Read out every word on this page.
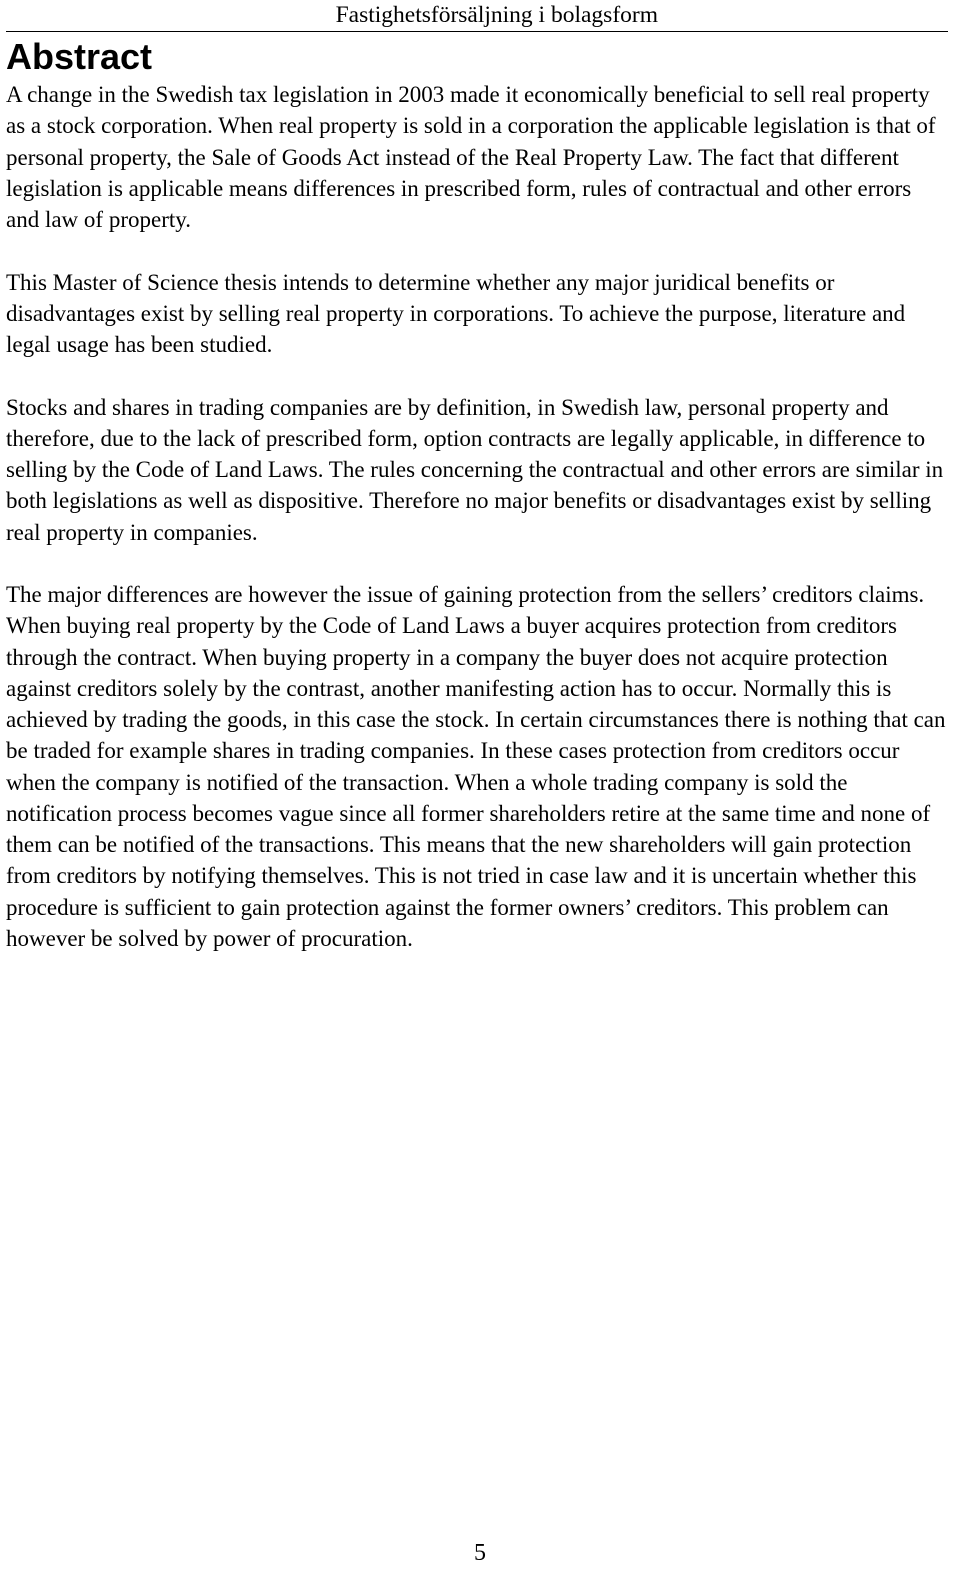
Fastighetsförsäljning i bolagsform
Abstract

A change in the Swedish tax legislation in 2003 made it economically beneficial to sell real property as a stock corporation. When real property is sold in a corporation the applicable legislation is that of personal property, the Sale of Goods Act instead of the Real Property Law. The fact that different legislation is applicable means differences in prescribed form, rules of contractual and other errors and law of property.

This Master of Science thesis intends to determine whether any major juridical benefits or disadvantages exist by selling real property in corporations. To achieve the purpose, literature and legal usage has been studied.

Stocks and shares in trading companies are by definition, in Swedish law, personal property and therefore, due to the lack of prescribed form, option contracts are legally applicable, in difference to selling by the Code of Land Laws. The rules concerning the contractual and other errors are similar in both legislations as well as dispositive. Therefore no major benefits or disadvantages exist by selling real property in companies.

The major differences are however the issue of gaining protection from the sellers’ creditors claims. When buying real property by the Code of Land Laws a buyer acquires protection from creditors through the contract. When buying property in a company the buyer does not acquire protection against creditors solely by the contrast, another manifesting action has to occur. Normally this is achieved by trading the goods, in this case the stock. In certain circumstances there is nothing that can be traded for example shares in trading companies. In these cases protection from creditors occur when the company is notified of the transaction. When a whole trading company is sold the notification process becomes vague since all former shareholders retire at the same time and none of them can be notified of the transactions. This means that the new shareholders will gain protection from creditors by notifying themselves. This is not tried in case law and it is uncertain whether this procedure is sufficient to gain protection against the former owners’ creditors. This problem can however be solved by power of procuration.

5
